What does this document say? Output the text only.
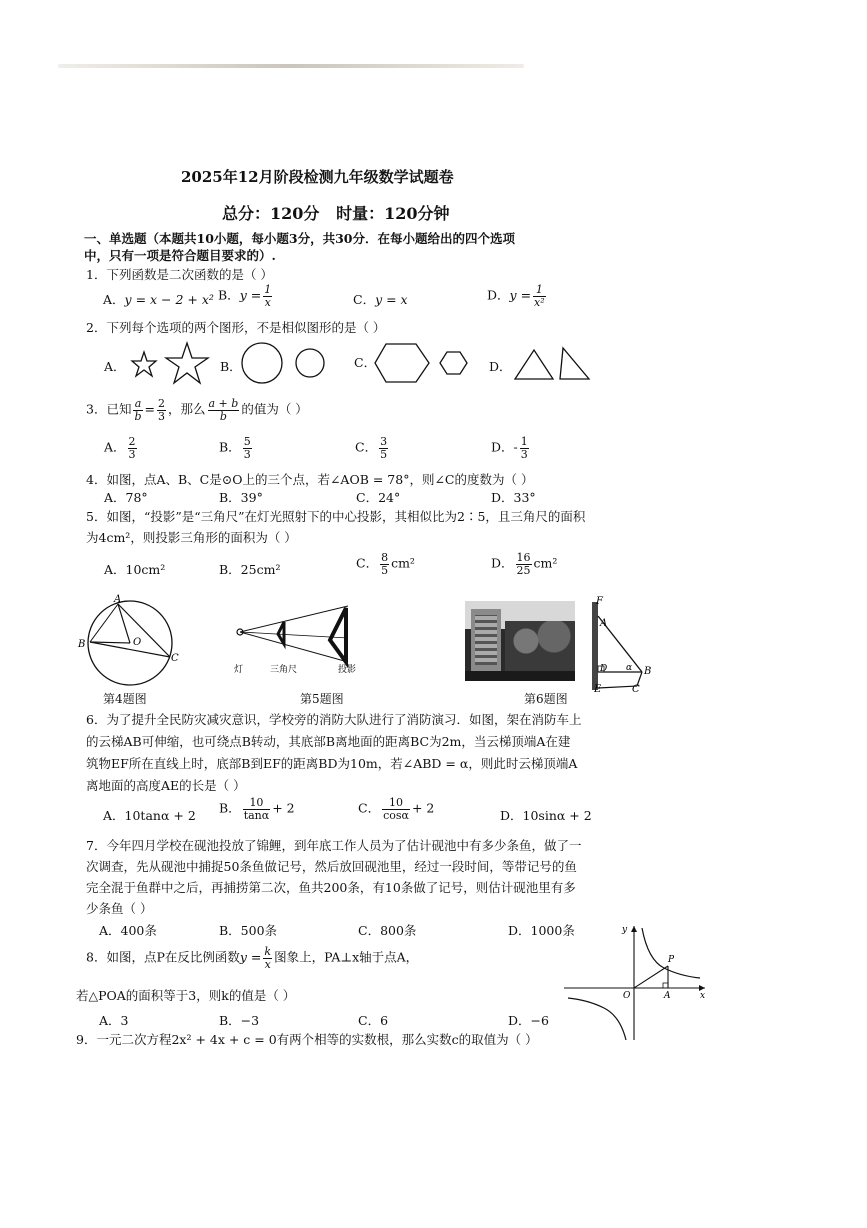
2025年12月阶段检测九年级数学试题卷
总分：120分   时量：120分钟
一、单选题（本题共10小题，每小题3分，共30分．在每小题给出的四个选项
中，只有一项是符合题目要求的）.
1．下列函数是二次函数的是（ ）
A．y = x − 2 + x² B．$y = \frac{1}{x}$	C．y = x	D．$y = \frac{1}{\text{x²}}$
2．下列每个选项的两个图形，不是相似图形的是（ ）
A．	B．	C．	D．
3．已知 $\frac{a}{b} = \frac{2}{3}$ ，那么 $\frac{a + b}{b}$ 的值为（ ）
A． $\frac{2}{3}$	B． $\frac{5}{3}$	C． $\frac{3}{5}$	D．- $\frac{1}{3}$
4．如图，点A、B、C是⊙O上的三个点，若∠AOB = 78°，则∠C的度数为（ ）
A．78°	B．39°	C．24°	D．33°
5．如图，“投影”是“三角尺”在灯光照射下的中心投影，其相似比为2∶5，且三角尺的面积
为4cm²，则投影三角形的面积为（ ）
A．10cm²	B．25cm²	C． $\frac{8}{5} cm^2$	D． $\frac{16}{25} cm^2$
A
B	O
C
第4题图
灯	三角尺	投影
第5题图
F
A
D α B
E	C
第6题图
6．为了提升全民防灾减灾意识，学校旁的消防大队进行了消防演习．如图，架在消防车上
的云梯AB可伸缩，也可绕点B转动，其底部B离地面的距离BC为2m，当云梯顶端A在建
筑物EF所在直线上时，底部B到EF的距离BD为10m，若∠ABD = α，则此时云梯顶端A
离地面的高度AE的长是（ ）
A．10tanα + 2 B． $\frac{10}{\tan\alpha} + 2$	C． $\frac{10}{\cos\alpha} + 2$	D．10sinα + 2
7．今年四月学校在砚池投放了锦鲤，到年底工作人员为了估计砚池中有多少条鱼，做了一
次调查，先从砚池中捕捉50条鱼做记号，然后放回砚池里，经过一段时间，等带记号的鱼
完全混于鱼群中之后，再捕捞第二次，鱼共200条，有10条做了记号，则估计砚池里有多
少条鱼（ ）
A．400条	B．500条	C．800条	D．1000条
8．如图，点P在反比例函数$y = \frac{k}{x}$ 图象上，PA⊥x轴于点A，
若△POA的面积等于3，则k的值是（ ）
A．3	B．−3	C．6	D．−6
y
P
O	A	x
9．一元二次方程2x² + 4x + c = 0有两个相等的实数根，那么实数c的取值为（ ）
